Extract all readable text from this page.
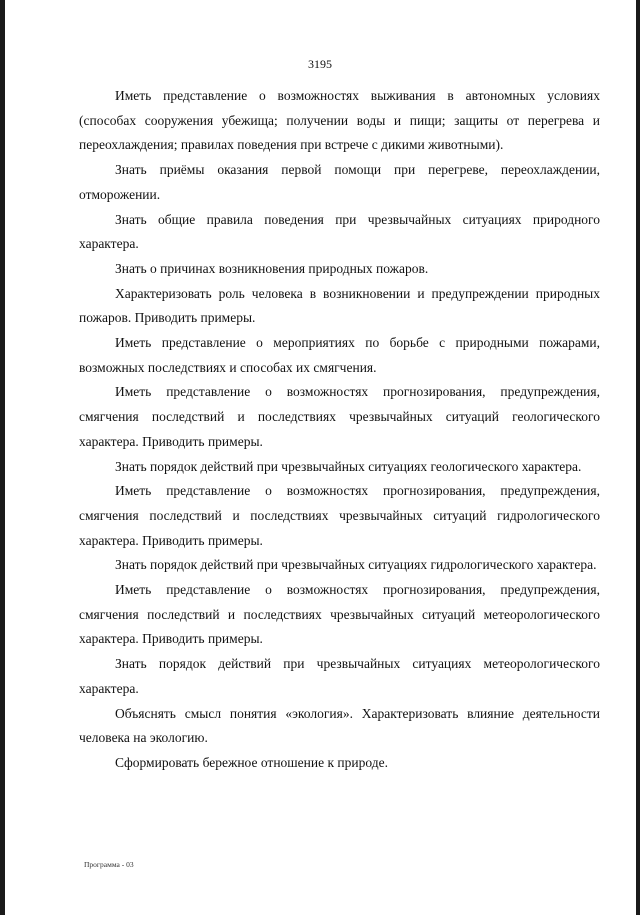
3195

Иметь представление о возможностях выживания в автономных условиях (способах сооружения убежища; получении воды и пищи; защиты от перегрева и переохлаждения; правилах поведения при встрече с дикими животными).

Знать приёмы оказания первой помощи при перегреве, переохлаждении, отморожении.

Знать общие правила поведения при чрезвычайных ситуациях природного характера.

Знать о причинах возникновения природных пожаров.

Характеризовать роль человека в возникновении и предупреждении природных пожаров. Приводить примеры.

Иметь представление о мероприятиях по борьбе с природными пожарами, возможных последствиях и способах их смягчения.

Иметь представление о возможностях прогнозирования, предупреждения, смягчения последствий и последствиях чрезвычайных ситуаций геологического характера. Приводить примеры.

Знать порядок действий при чрезвычайных ситуациях геологического характера.

Иметь представление о возможностях прогнозирования, предупреждения, смягчения последствий и последствиях чрезвычайных ситуаций гидрологического характера. Приводить примеры.

Знать порядок действий при чрезвычайных ситуациях гидрологического характера.

Иметь представление о возможностях прогнозирования, предупреждения, смягчения последствий и последствиях чрезвычайных ситуаций метеорологического характера. Приводить примеры.

Знать порядок действий при чрезвычайных ситуациях метеорологического характера.

Объяснять смысл понятия «экология». Характеризовать влияние деятельности человека на экологию.

Сформировать бережное отношение к природе.

Программа - 03
